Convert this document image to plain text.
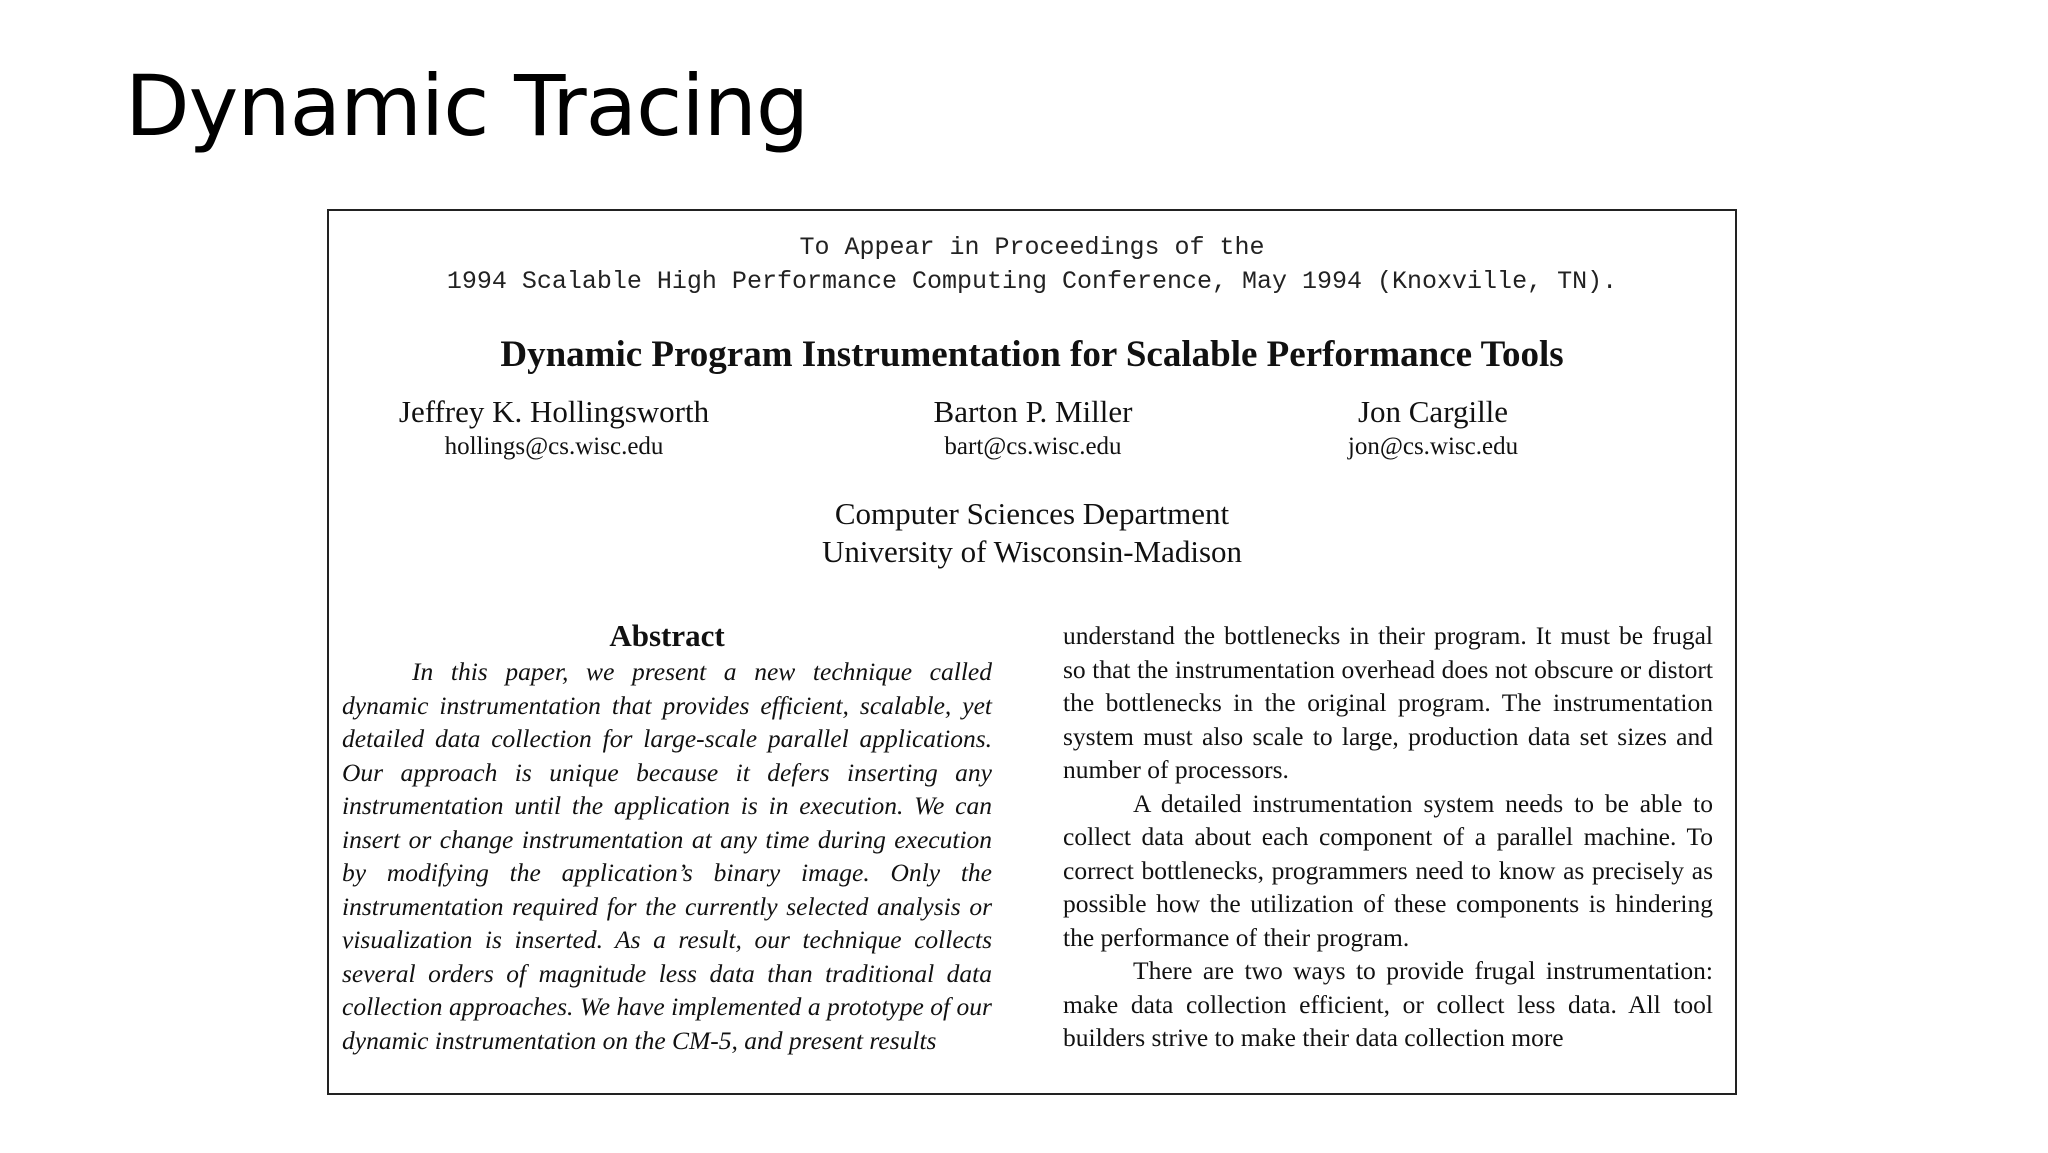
Dynamic Tracing
To Appear in Proceedings of the
1994 Scalable High Performance Computing Conference, May 1994 (Knoxville, TN).
Dynamic Program Instrumentation for Scalable Performance Tools
Jeffrey K. Hollingsworth
hollings@cs.wisc.edu
Barton P. Miller
bart@cs.wisc.edu
Jon Cargille
jon@cs.wisc.edu
Computer Sciences Department
University of Wisconsin-Madison
Abstract

In this paper, we present a new technique called dynamic instrumentation that provides efficient, scalable, yet detailed data collection for large-scale parallel applications. Our approach is unique because it defers inserting any instrumentation until the application is in execution. We can insert or change instrumentation at any time during execution by modifying the application’s binary image. Only the instrumentation required for the currently selected analysis or visualization is inserted. As a result, our technique collects several orders of magnitude less data than traditional data collection approaches. We have implemented a prototype of our dynamic instrumentation on the CM-5, and present results

understand the bottlenecks in their program. It must be frugal so that the instrumentation overhead does not obscure or distort the bottlenecks in the original program. The instrumentation system must also scale to large, production data set sizes and number of processors.

A detailed instrumentation system needs to be able to collect data about each component of a parallel machine. To correct bottlenecks, programmers need to know as precisely as possible how the utilization of these components is hindering the performance of their program.

There are two ways to provide frugal instrumentation: make data collection efficient, or collect less data. All tool builders strive to make their data collection more
